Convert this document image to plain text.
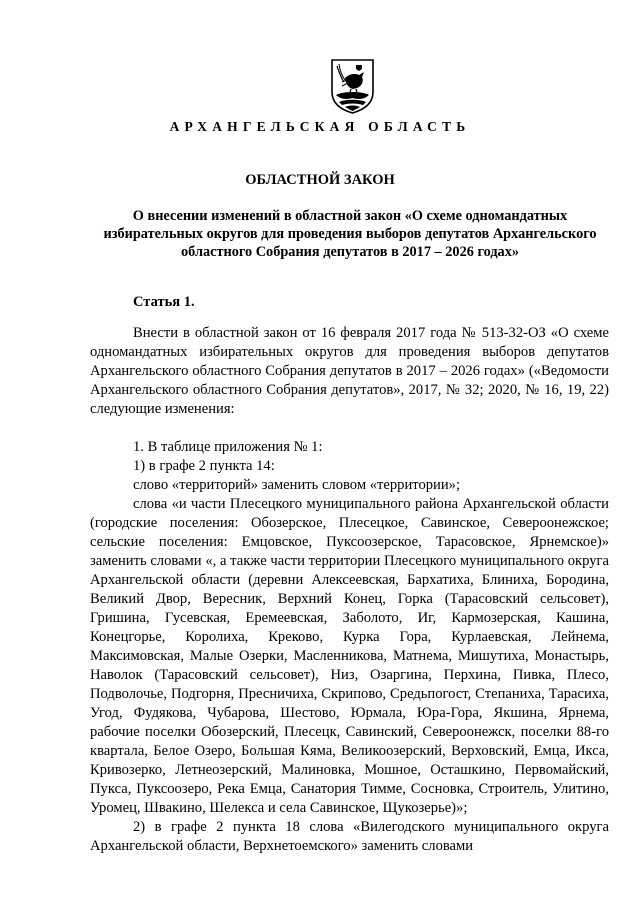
АРХАНГЕЛЬСКАЯ ОБЛАСТЬ
ОБЛАСТНОЙ ЗАКОН
О внесении изменений в областной закон «О схеме одномандатных избирательных округов для проведения выборов депутатов Архангельского областного Собрания депутатов в 2017 – 2026 годах»
Статья 1.

Внести в областной закон от 16 февраля 2017 года № 513-32-ОЗ «О схеме одномандатных избирательных округов для проведения выборов депутатов Архангельского областного Собрания депутатов в 2017 – 2026 годах» («Ведомости Архангельского областного Собрания депутатов», 2017, № 32; 2020, № 16, 19, 22) следующие изменения:

1. В таблице приложения № 1:

1) в графе 2 пункта 14:

слово «территорий» заменить словом «территории»;

слова «и части Плесецкого муниципального района Архангельской области (городские поселения: Обозерское, Плесецкое, Савинское, Североонежское; сельские поселения: Емцовское, Пуксоозерское, Тарасовское, Ярнемское)» заменить словами «, а также части территории Плесецкого муниципального округа Архангельской области (деревни Алексеевская, Бархатиха, Блиниха, Бородина, Великий Двор, Вересник, Верхний Конец, Горка (Тарасовский сельсовет), Гришина, Гусевская, Еремеевская, Заболото, Иг, Кармозерская, Кашина, Конецгорье, Королиха, Креково, Курка Гора, Курлаевская, Лейнема, Максимовская, Малые Озерки, Масленникова, Матнема, Мишутиха, Монастырь, Наволок (Тарасовский сельсовет), Низ, Озаргина, Перхина, Пивка, Плесо, Подволочье, Подгорня, Пресничиха, Скрипово, Средьпогост, Степаниха, Тарасиха, Угод, Фудякова, Чубарова, Шестово, Юрмала, Юра-Гора, Якшина, Ярнема, рабочие поселки Обозерский, Плесецк, Савинский, Североонежск, поселки 88-го квартала, Белое Озеро, Большая Кяма, Великоозерский, Верховский, Емца, Икса, Кривозерко, Летнеозерский, Малиновка, Мошное, Осташкино, Первомайский, Пукса, Пуксоозеро, Река Емца, Санатория Тимме, Сосновка, Строитель, Улитино, Уромец, Швакино, Шелекса и села Савинское, Щукозерье)»;

2) в графе 2 пункта 18 слова «Вилегодского муниципального округа Архангельской области, Верхнетоемского» заменить словами
